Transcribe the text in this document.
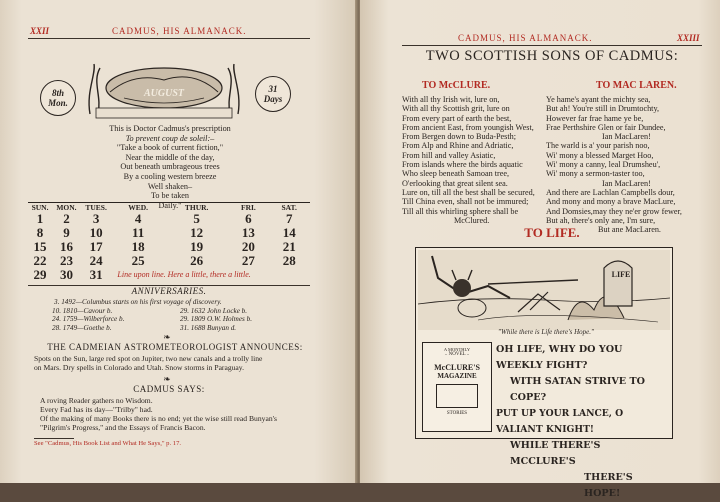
XXII	CADMUS, HIS ALMANACK.
8th
Mon.
31
Days
AUGUST
This is Doctor Cadmus's prescription
To prevent coup de soleil:–
"Take a book of current fiction,"
Near the middle of the day,
Out beneath umbrageous trees
By a cooling western breeze
Well shaken–
To be taken
Daily."
SUN.	MON.	TUES.	WED.	THUR.	FRI.	SAT.
1	2	3	4	5	6	7
8	9	10	11	12	13	14
15	16	17	18	19	20	21
22	23	24	25	26	27	28
29	30	31	Line upon line. Here a little, there a little.			
ANNIVERSARIES.
3. 1492—Columbus starts on his first voyage of discovery.
10. 1810—Cavour b.
24. 1759—Wilberforce b.
28. 1749—Goethe b.
29. 1632 John Locke b.
29. 1809 O.W. Holmes b.
31. 1688 Bunyan d.
❧
THE CADMEIAN ASTROMETEOROLOGIST ANNOUNCES:
Spots on the Sun, large red spot on Jupiter, two new canals and a trolly line
on Mars. Dry spells in Colorado and Utah. Snow storms in Paraguay.
❧
CADMUS SAYS:
A roving Reader gathers no Wisdom.
Every Fad has its day—"Trilby" had.
Of the making of many Books there is no end; yet the wise still read Bunyan's
"Pilgrim's Progress," and the Essays of Francis Bacon.
See "Cadmus, His Book List and What He Says," p. 17.
CADMUS, HIS ALMANACK.	XXIII
TWO SCOTTISH SONS OF CADMUS:
TO McCLURE.	TO MAC LAREN.
With all thy Irish wit, lure on,
With all thy Scottish grit, lure on
From every part of earth the best,
From ancient East, from youngish West,
From Bergen down to Buda-Pesth;
From Alp and Rhine and Adriatic,
From hill and valley Asiatic,
From islands where the birds aquatic
Who sleep beneath Samoan tree,
O'erlooking that great silent sea.
Lure on, till all the best shall be secured,
Till China even, shall not be immured;
Till all this whirling sphere shall be
McClured.
Ye hame's ayant the michty sea,
But ah! You're still in Drumtochty,
However far frae hame ye be,
Frae Perthshire Glen or fair Dundee,
Ian MacLaren!
The warld is a' your parish noo,
Wi' mony a blessed Marget Hoo,
Wi' mony a canny, leal Drumsheu',
Wi' mony a sermon-taster too,
Ian MacLaren!
And there are Lachlan Campbells dour,
And mony and mony a brave MacLure,
And Domsies,may they ne'er grow fewer,
But ah, there's only ane, I'm sure,
But ane MacLaren.
TO LIFE.
LIFE
"While there is Life there's Hope."
A MONTHLY
.. NOVEL ..
McCLURE'S
MAGAZINE
STORIES
OH LIFE, WHY DO YOU WEEKLY FIGHT?
WITH SATAN STRIVE TO COPE?
PUT UP YOUR LANCE, O VALIANT KNIGHT!
WHILE THERE'S MCCLURE'S
THERE'S HOPE!
